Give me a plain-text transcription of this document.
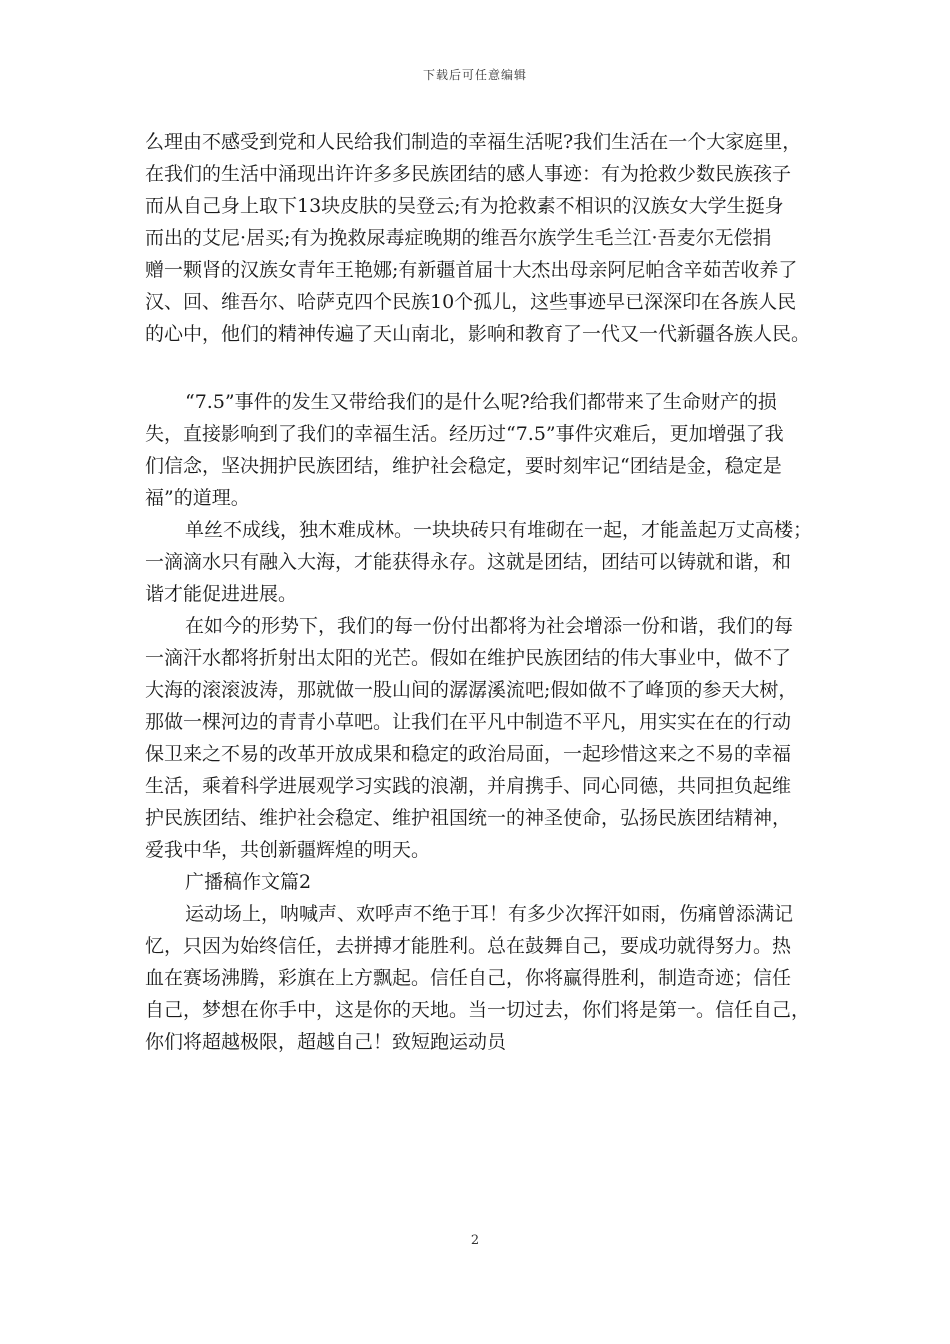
下载后可任意编辑
么理由不感受到党和人民给我们制造的幸福生活呢?我们生活在一个大家庭里，
在我们的生活中涌现出许许多多民族团结的感人事迹：有为抢救少数民族孩子
而从自己身上取下13块皮肤的吴登云;有为抢救素不相识的汉族女大学生挺身
而出的艾尼·居买;有为挽救尿毒症晚期的维吾尔族学生毛兰江·吾麦尔无偿捐
赠一颗肾的汉族女青年王艳娜;有新疆首届十大杰出母亲阿尼帕含辛茹苦收养了
汉、回、维吾尔、哈萨克四个民族10个孤儿，这些事迹早已深深印在各族人民
的心中，他们的精神传遍了天山南北，影响和教育了一代又一代新疆各族人民。
“7.5”事件的发生又带给我们的是什么呢?给我们都带来了生命财产的损
失，直接影响到了我们的幸福生活。经历过“7.5”事件灾难后，更加增强了我
们信念，坚决拥护民族团结，维护社会稳定，要时刻牢记“团结是金，稳定是
福”的道理。
单丝不成线，独木难成林。一块块砖只有堆砌在一起，才能盖起万丈高楼；
一滴滴水只有融入大海，才能获得永存。这就是团结，团结可以铸就和谐，和
谐才能促进进展。
在如今的形势下，我们的每一份付出都将为社会增添一份和谐，我们的每
一滴汗水都将折射出太阳的光芒。假如在维护民族团结的伟大事业中，做不了
大海的滚滚波涛，那就做一股山间的潺潺溪流吧;假如做不了峰顶的参天大树，
那做一棵河边的青青小草吧。让我们在平凡中制造不平凡，用实实在在的行动
保卫来之不易的改革开放成果和稳定的政治局面，一起珍惜这来之不易的幸福
生活，乘着科学进展观学习实践的浪潮，并肩携手、同心同德，共同担负起维
护民族团结、维护社会稳定、维护祖国统一的神圣使命，弘扬民族团结精神，
爱我中华，共创新疆辉煌的明天。
广播稿作文篇2
运动场上，呐喊声、欢呼声不绝于耳！有多少次挥汗如雨，伤痛曾添满记
忆，只因为始终信任，去拼搏才能胜利。总在鼓舞自己，要成功就得努力。热
血在赛场沸腾，彩旗在上方飘起。信任自己，你将赢得胜利，制造奇迹；信任
自己，梦想在你手中，这是你的天地。当一切过去，你们将是第一。信任自己，
你们将超越极限，超越自己！致短跑运动员
2
